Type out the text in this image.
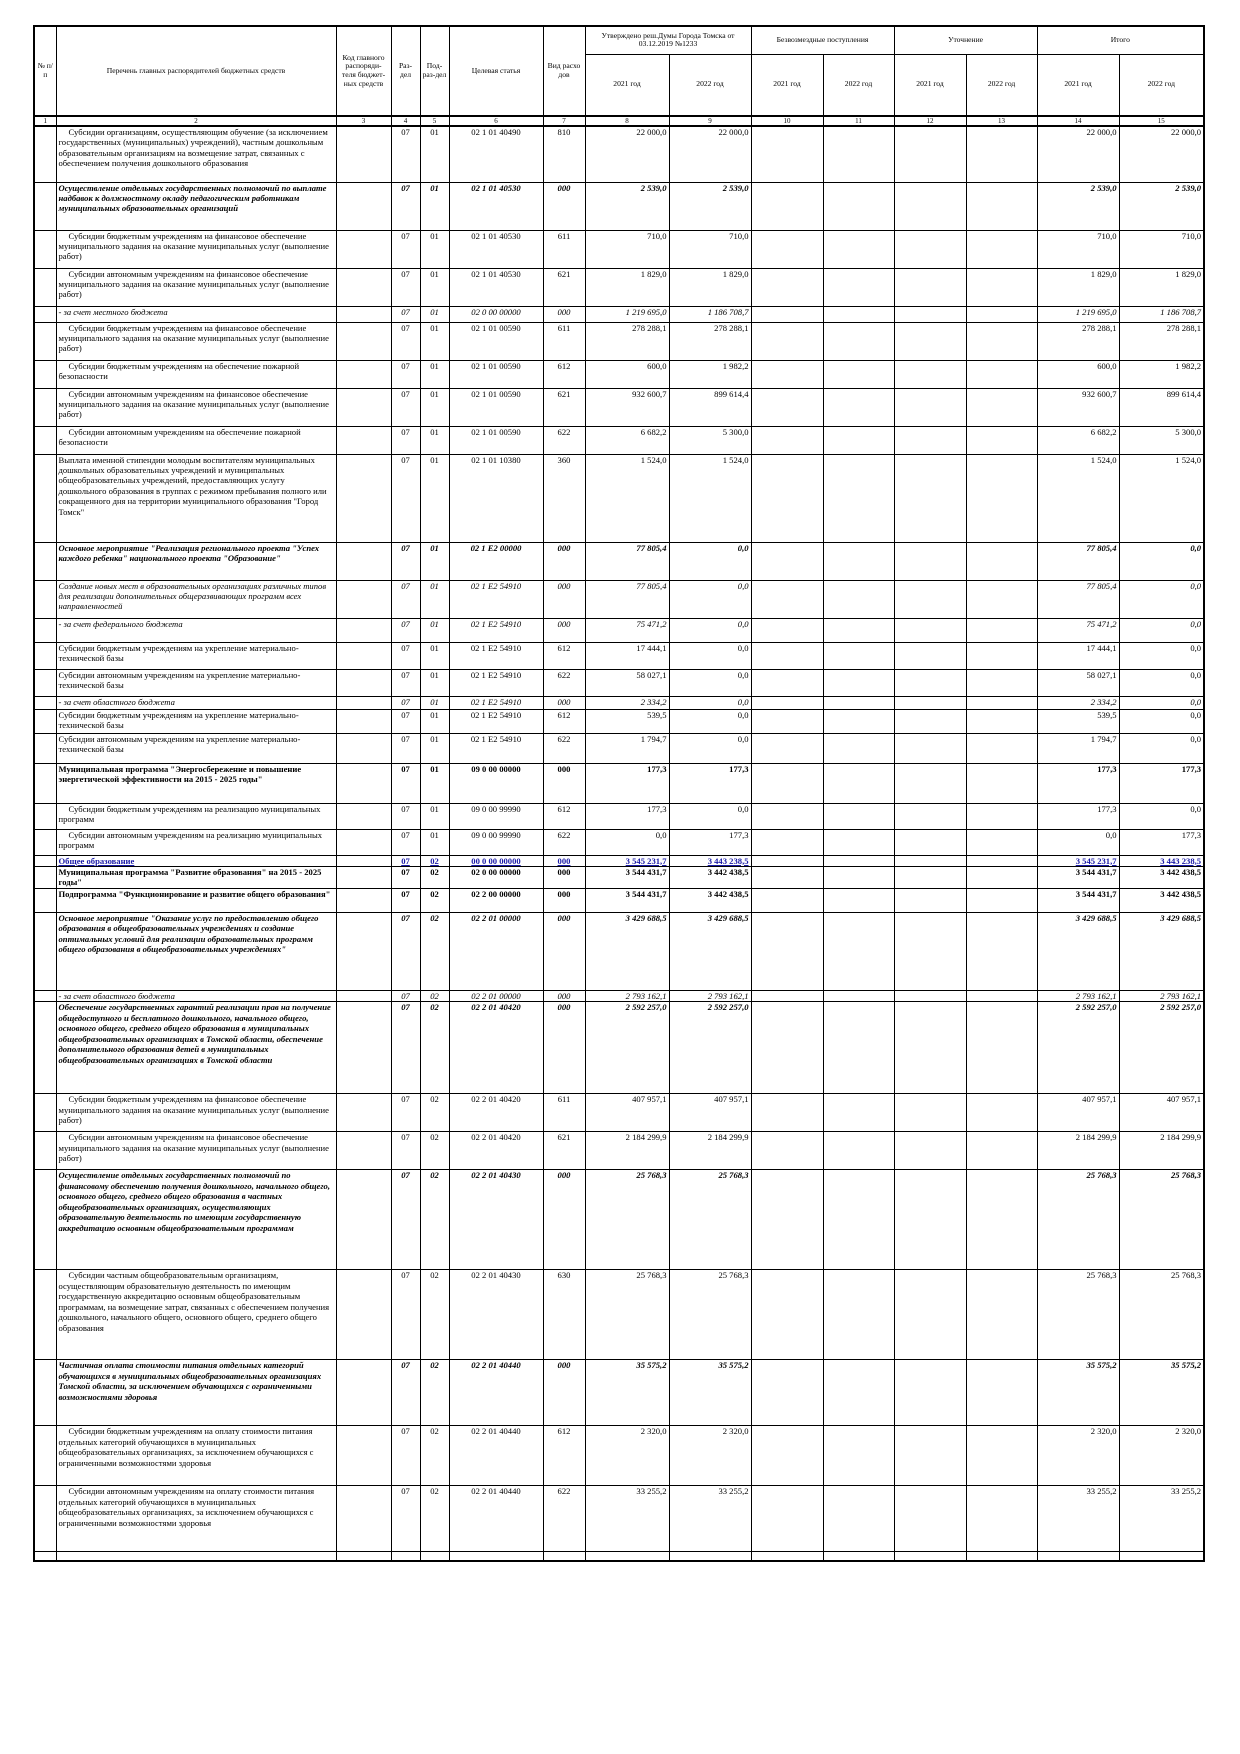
№ п/п	Перечень главных распорядителей бюджетных средств	Код главного распоряди-теля бюджет-ных средств	Раз-дел	Под-раз-дел	Целевая статья	Вид расхо дов	Утверждено реш.Думы Города Томска от 03.12.2019 №1233		Безвозмездные поступления		Уточнение		Итого	
							2021 год	2022 год	2021 год	2022 год	2021 год	2022 год	2021 год	2022 год
1	2	3	4	5	6	7	8	9	10	11	12	13	14	15
	Субсидии организациям, осуществляющим обучение (за исключением государственных (муниципальных) учреждений), частным дошкольным образовательным организациям на возмещение затрат, связанных с обеспечением получения дошкольного образования		07	01	02 1 01 40490	810	22 000,0	22 000,0					22 000,0	22 000,0
	Осуществление отдельных государственных полномочий по выплате надбавок к должностному окладу педагогическим работникам муниципальных образовательных организаций		07	01	02 1 01 40530	000	2 539,0	2 539,0					2 539,0	2 539,0
	Субсидии бюджетным учреждениям на финансовое обеспечение муниципального задания на оказание муниципальных услуг (выполнение работ)		07	01	02 1 01 40530	611	710,0	710,0					710,0	710,0
	Субсидии автономным учреждениям на финансовое обеспечение муниципального задания на оказание муниципальных услуг (выполнение работ)		07	01	02 1 01 40530	621	1 829,0	1 829,0					1 829,0	1 829,0
	- за счет местного бюджета		07	01	02 0 00 00000	000	1 219 695,0	1 186 708,7					1 219 695,0	1 186 708,7
	Субсидии бюджетным учреждениям на финансовое обеспечение муниципального задания на оказание муниципальных услуг (выполнение работ)		07	01	02 1 01 00590	611	278 288,1	278 288,1					278 288,1	278 288,1
	Субсидии бюджетным учреждениям на обеспечение пожарной безопасности		07	01	02 1 01 00590	612	600,0	1 982,2					600,0	1 982,2
	Субсидии автономным учреждениям на финансовое обеспечение муниципального задания на оказание муниципальных услуг (выполнение работ)		07	01	02 1 01 00590	621	932 600,7	899 614,4					932 600,7	899 614,4
	Субсидии автономным учреждениям на обеспечение пожарной безопасности		07	01	02 1 01 00590	622	6 682,2	5 300,0					6 682,2	5 300,0
	Выплата именной стипендии молодым воспитателям муниципальных дошкольных образовательных учреждений и муниципальных общеобразовательных учреждений, предоставляющих услугу дошкольного образования в группах с режимом пребывания полного или сокращенного дня на территории муниципального образования "Город Томск"		07	01	02 1 01 10380	360	1 524,0	1 524,0					1 524,0	1 524,0
	Основное мероприятие "Реализация регионального проекта "Успех каждого ребенка" национального проекта "Образование"		07	01	02 1 E2 00000	000	77 805,4	0,0					77 805,4	0,0
	Создание новых мест в образовательных организациях различных типов для реализации дополнительных общеразвивающих программ всех направленностей		07	01	02 1 E2 54910	000	77 805,4	0,0					77 805,4	0,0
	- за счет федерального бюджета		07	01	02 1 E2 54910	000	75 471,2	0,0					75 471,2	0,0
	Субсидии бюджетным учреждениям на укрепление материально-технической базы		07	01	02 1 E2 54910	612	17 444,1	0,0					17 444,1	0,0
	Субсидии автономным учреждениям на укрепление материально-технической базы		07	01	02 1 E2 54910	622	58 027,1	0,0					58 027,1	0,0
	- за счет областного бюджета		07	01	02 1 E2 54910	000	2 334,2	0,0					2 334,2	0,0
	Субсидии бюджетным учреждениям на укрепление материально-технической базы		07	01	02 1 E2 54910	612	539,5	0,0					539,5	0,0
	Субсидии автономным учреждениям на укрепление материально-технической базы		07	01	02 1 E2 54910	622	1 794,7	0,0					1 794,7	0,0
	Муниципальная программа "Энергосбережение и повышение энергетической эффективности на 2015 - 2025 годы"		07	01	09 0 00 00000	000	177,3	177,3					177,3	177,3
	Субсидии бюджетным учреждениям на реализацию муниципальных программ		07	01	09 0 00 99990	612	177,3	0,0					177,3	0,0
	Субсидии автономным учреждениям на реализацию муниципальных программ		07	01	09 0 00 99990	622	0,0	177,3					0,0	177,3
	Общее образование		07	02	00 0 00 00000	000	3 545 231,7	3 443 238,5					3 545 231,7	3 443 238,5
	Муниципальная программа "Развитие образования" на 2015 - 2025 годы"		07	02	02 0 00 00000	000	3 544 431,7	3 442 438,5					3 544 431,7	3 442 438,5
	Подпрограмма "Функционирование и развитие общего образования"		07	02	02 2 00 00000	000	3 544 431,7	3 442 438,5					3 544 431,7	3 442 438,5
	Основное мероприятие "Оказание услуг по предоставлению общего образования в общеобразовательных учреждениях и создание оптимальных условий для реализации образовательных программ общего образования в общеобразовательных учреждениях"		07	02	02 2 01 00000	000	3 429 688,5	3 429 688,5					3 429 688,5	3 429 688,5
	- за счет областного бюджета		07	02	02 2 01 00000	000	2 793 162,1	2 793 162,1					2 793 162,1	2 793 162,1
	Обеспечение государственных гарантий реализации прав на получение общедоступного и бесплатного дошкольного, начального общего, основного общего, среднего общего образования в муниципальных общеобразовательных организациях в Томской области, обеспечение дополнительного образования детей в муниципальных общеобразовательных организациях в Томской области		07	02	02 2 01 40420	000	2 592 257,0	2 592 257,0					2 592 257,0	2 592 257,0
	Субсидии бюджетным учреждениям на финансовое обеспечение муниципального задания на оказание муниципальных услуг (выполнение работ)		07	02	02 2 01 40420	611	407 957,1	407 957,1					407 957,1	407 957,1
	Субсидии автономным учреждениям на финансовое обеспечение муниципального задания на оказание муниципальных услуг (выполнение работ)		07	02	02 2 01 40420	621	2 184 299,9	2 184 299,9					2 184 299,9	2 184 299,9
	Осуществление отдельных государственных полномочий по финансовому обеспечению получения дошкольного, начального общего, основного общего, среднего общего образования в частных общеобразовательных организациях, осуществляющих образовательную деятельность по имеющим государственную аккредитацию основным общеобразовательным программам		07	02	02 2 01 40430	000	25 768,3	25 768,3					25 768,3	25 768,3
	Субсидии частным общеобразовательным организациям, осуществляющим образовательную деятельность по имеющим государственную аккредитацию основным общеобразовательным программам, на возмещение затрат, связанных с обеспечением получения дошкольного, начального общего, основного общего, среднего общего образования		07	02	02 2 01 40430	630	25 768,3	25 768,3					25 768,3	25 768,3
	Частичная оплата стоимости питания отдельных категорий обучающихся в муниципальных общеобразовательных организациях Томской области, за исключением обучающихся с ограниченными возможностями здоровья		07	02	02 2 01 40440	000	35 575,2	35 575,2					35 575,2	35 575,2
	Субсидии бюджетным учреждениям на оплату стоимости питания отдельных категорий обучающихся в муниципальных общеобразовательных организациях, за исключением обучающихся с ограниченными возможностями здоровья		07	02	02 2 01 40440	612	2 320,0	2 320,0					2 320,0	2 320,0
	Субсидии автономным учреждениям на оплату стоимости питания отдельных категорий обучающихся в муниципальных общеобразовательных организациях, за исключением обучающихся с ограниченными возможностями здоровья		07	02	02 2 01 40440	622	33 255,2	33 255,2					33 255,2	33 255,2
